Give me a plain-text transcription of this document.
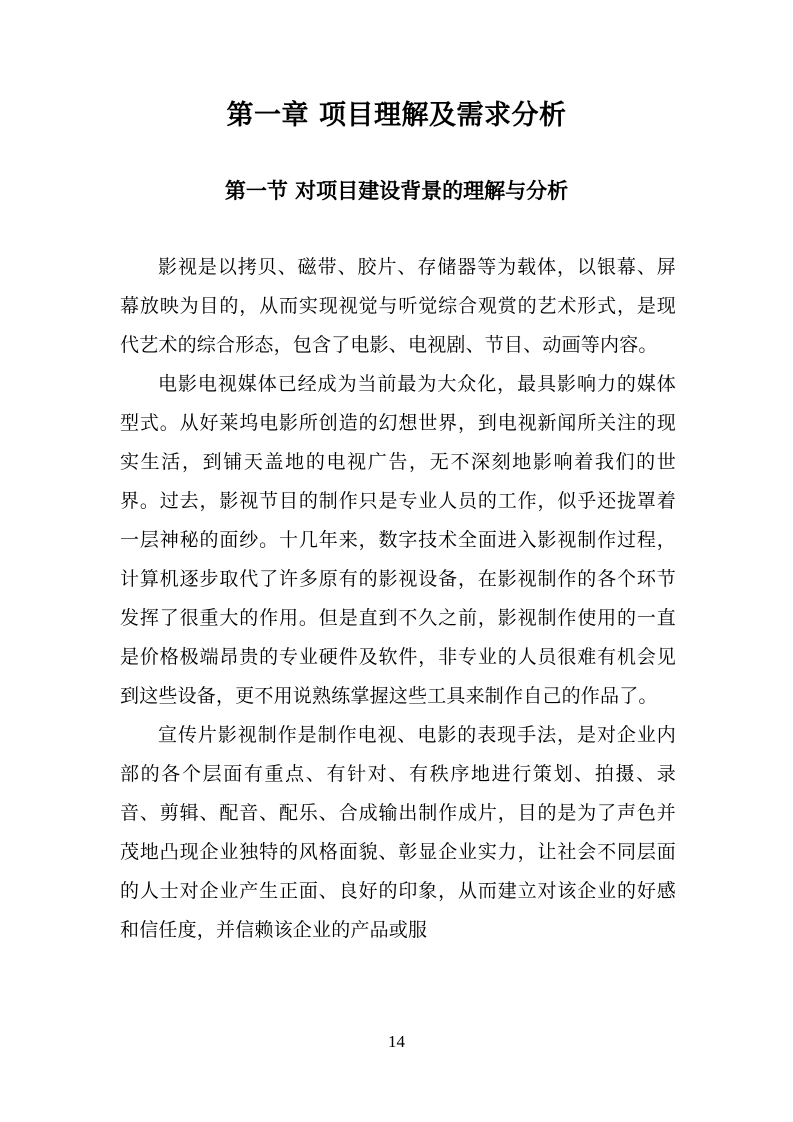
第一章 项目理解及需求分析
第一节 对项目建设背景的理解与分析

影视是以拷贝、磁带、胶片、存储器等为载体，以银幕、屏幕放映为目的，从而实现视觉与听觉综合观赏的艺术形式，是现代艺术的综合形态，包含了电影、电视剧、节目、动画等内容。

电影电视媒体已经成为当前最为大众化，最具影响力的媒体型式。从好莱坞电影所创造的幻想世界，到电视新闻所关注的现实生活，到铺天盖地的电视广告，无不深刻地影响着我们的世界。过去，影视节目的制作只是专业人员的工作，似乎还拢罩着一层神秘的面纱。十几年来，数字技术全面进入影视制作过程，计算机逐步取代了许多原有的影视设备，在影视制作的各个环节发挥了很重大的作用。但是直到不久之前，影视制作使用的一直是价格极端昂贵的专业硬件及软件，非专业的人员很难有机会见到这些设备，更不用说熟练掌握这些工具来制作自己的作品了。

宣传片影视制作是制作电视、电影的表现手法，是对企业内部的各个层面有重点、有针对、有秩序地进行策划、拍摄、录音、剪辑、配音、配乐、合成输出制作成片，目的是为了声色并茂地凸现企业独特的风格面貌、彰显企业实力，让社会不同层面的人士对企业产生正面、良好的印象，从而建立对该企业的好感和信任度，并信赖该企业的产品或服

14
